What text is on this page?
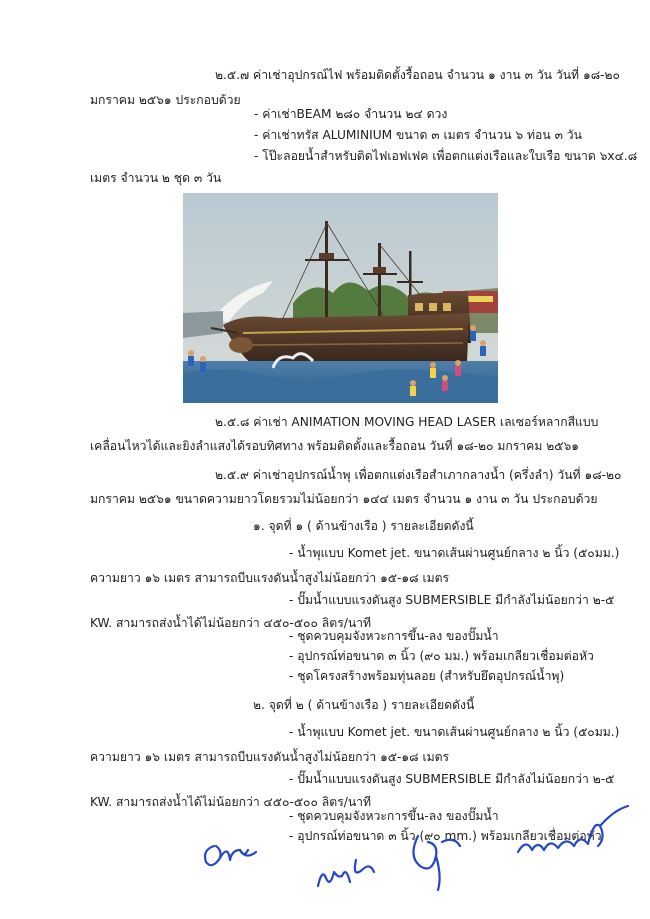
๒.๕.๗ ค่าเช่าอุปกรณ์ไฟ พร้อมติดตั้งรื้อถอน จำนวน ๑ งาน ๓ วัน วันที่ ๑๘-๒๐
มกราคม ๒๕๖๑ ประกอบด้วย
- ค่าเช่าBEAM ๒๘๐ จำนวน ๒๔ ดวง
- ค่าเช่าทรัส ALUMINIUM ขนาด ๓ เมตร จำนวน ๖ ท่อน ๓ วัน
- โป๊ะลอยน้ำสำหรับติดไฟเอฟเฟค เพื่อตกแต่งเรือและใบเรือ ขนาด ๖x๔.๘
เมตร จำนวน ๒ ชุด ๓ วัน
๒.๕.๘ ค่าเช่า ANIMATION MOVING HEAD LASER เลเซอร์หลากสีแบบ
เคลื่อนไหวได้และยิงลำแสงได้รอบทิศทาง พร้อมติดตั้งและรื้อถอน วันที่ ๑๘-๒๐ มกราคม ๒๕๖๑
๒.๕.๙ ค่าเช่าอุปกรณ์น้ำพุ เพื่อตกแต่งเรือสำเภากลางน้ำ (ครึ่งลำ) วันที่ ๑๘-๒๐
มกราคม ๒๕๖๑ ขนาดความยาวโดยรวมไม่น้อยกว่า ๑๔๔ เมตร จำนวน ๑ งาน ๓ วัน ประกอบด้วย
๑. จุดที่ ๑ ( ด้านข้างเรือ ) รายละเอียดดังนี้
- น้ำพุแบบ Komet jet. ขนาดเส้นผ่านศูนย์กลาง ๒ นิ้ว (๕๐มม.)
ความยาว ๑๖ เมตร สามารถบีบแรงดันน้ำสูงไม่น้อยกว่า ๑๕-๑๘ เมตร
- ปั๊มน้ำแบบแรงดันสูง SUBMERSIBLE มีกำลังไม่น้อยกว่า ๒-๕
KW. สามารถส่งน้ำได้ไม่น้อยกว่า ๔๕๐-๕๐๐ ลิตร/นาที
- ชุดควบคุมจังหวะการขึ้น-ลง ของปั๊มน้ำ
- อุปกรณ์ท่อขนาด ๓ นิ้ว (๙๐ มม.) พร้อมเกลียวเชื่อมต่อหัว
- ชุดโครงสร้างพร้อมทุ่นลอย (สำหรับยึดอุปกรณ์น้ำพุ)
๒. จุดที่ ๒ ( ด้านข้างเรือ ) รายละเอียดดังนี้
- น้ำพุแบบ Komet jet. ขนาดเส้นผ่านศูนย์กลาง ๒ นิ้ว (๕๐มม.)
ความยาว ๑๖ เมตร สามารถบีบแรงดันน้ำสูงไม่น้อยกว่า ๑๕-๑๘ เมตร
- ปั๊มน้ำแบบแรงดันสูง SUBMERSIBLE มีกำลังไม่น้อยกว่า ๒-๕
KW. สามารถส่งน้ำได้ไม่น้อยกว่า ๔๕๐-๕๐๐ ลิตร/นาที
- ชุดควบคุมจังหวะการขึ้น-ลง ของปั๊มน้ำ
- อุปกรณ์ท่อขนาด ๓ นิ้ว (๙๐ mm.) พร้อมเกลียวเชื่อมต่อหัว
